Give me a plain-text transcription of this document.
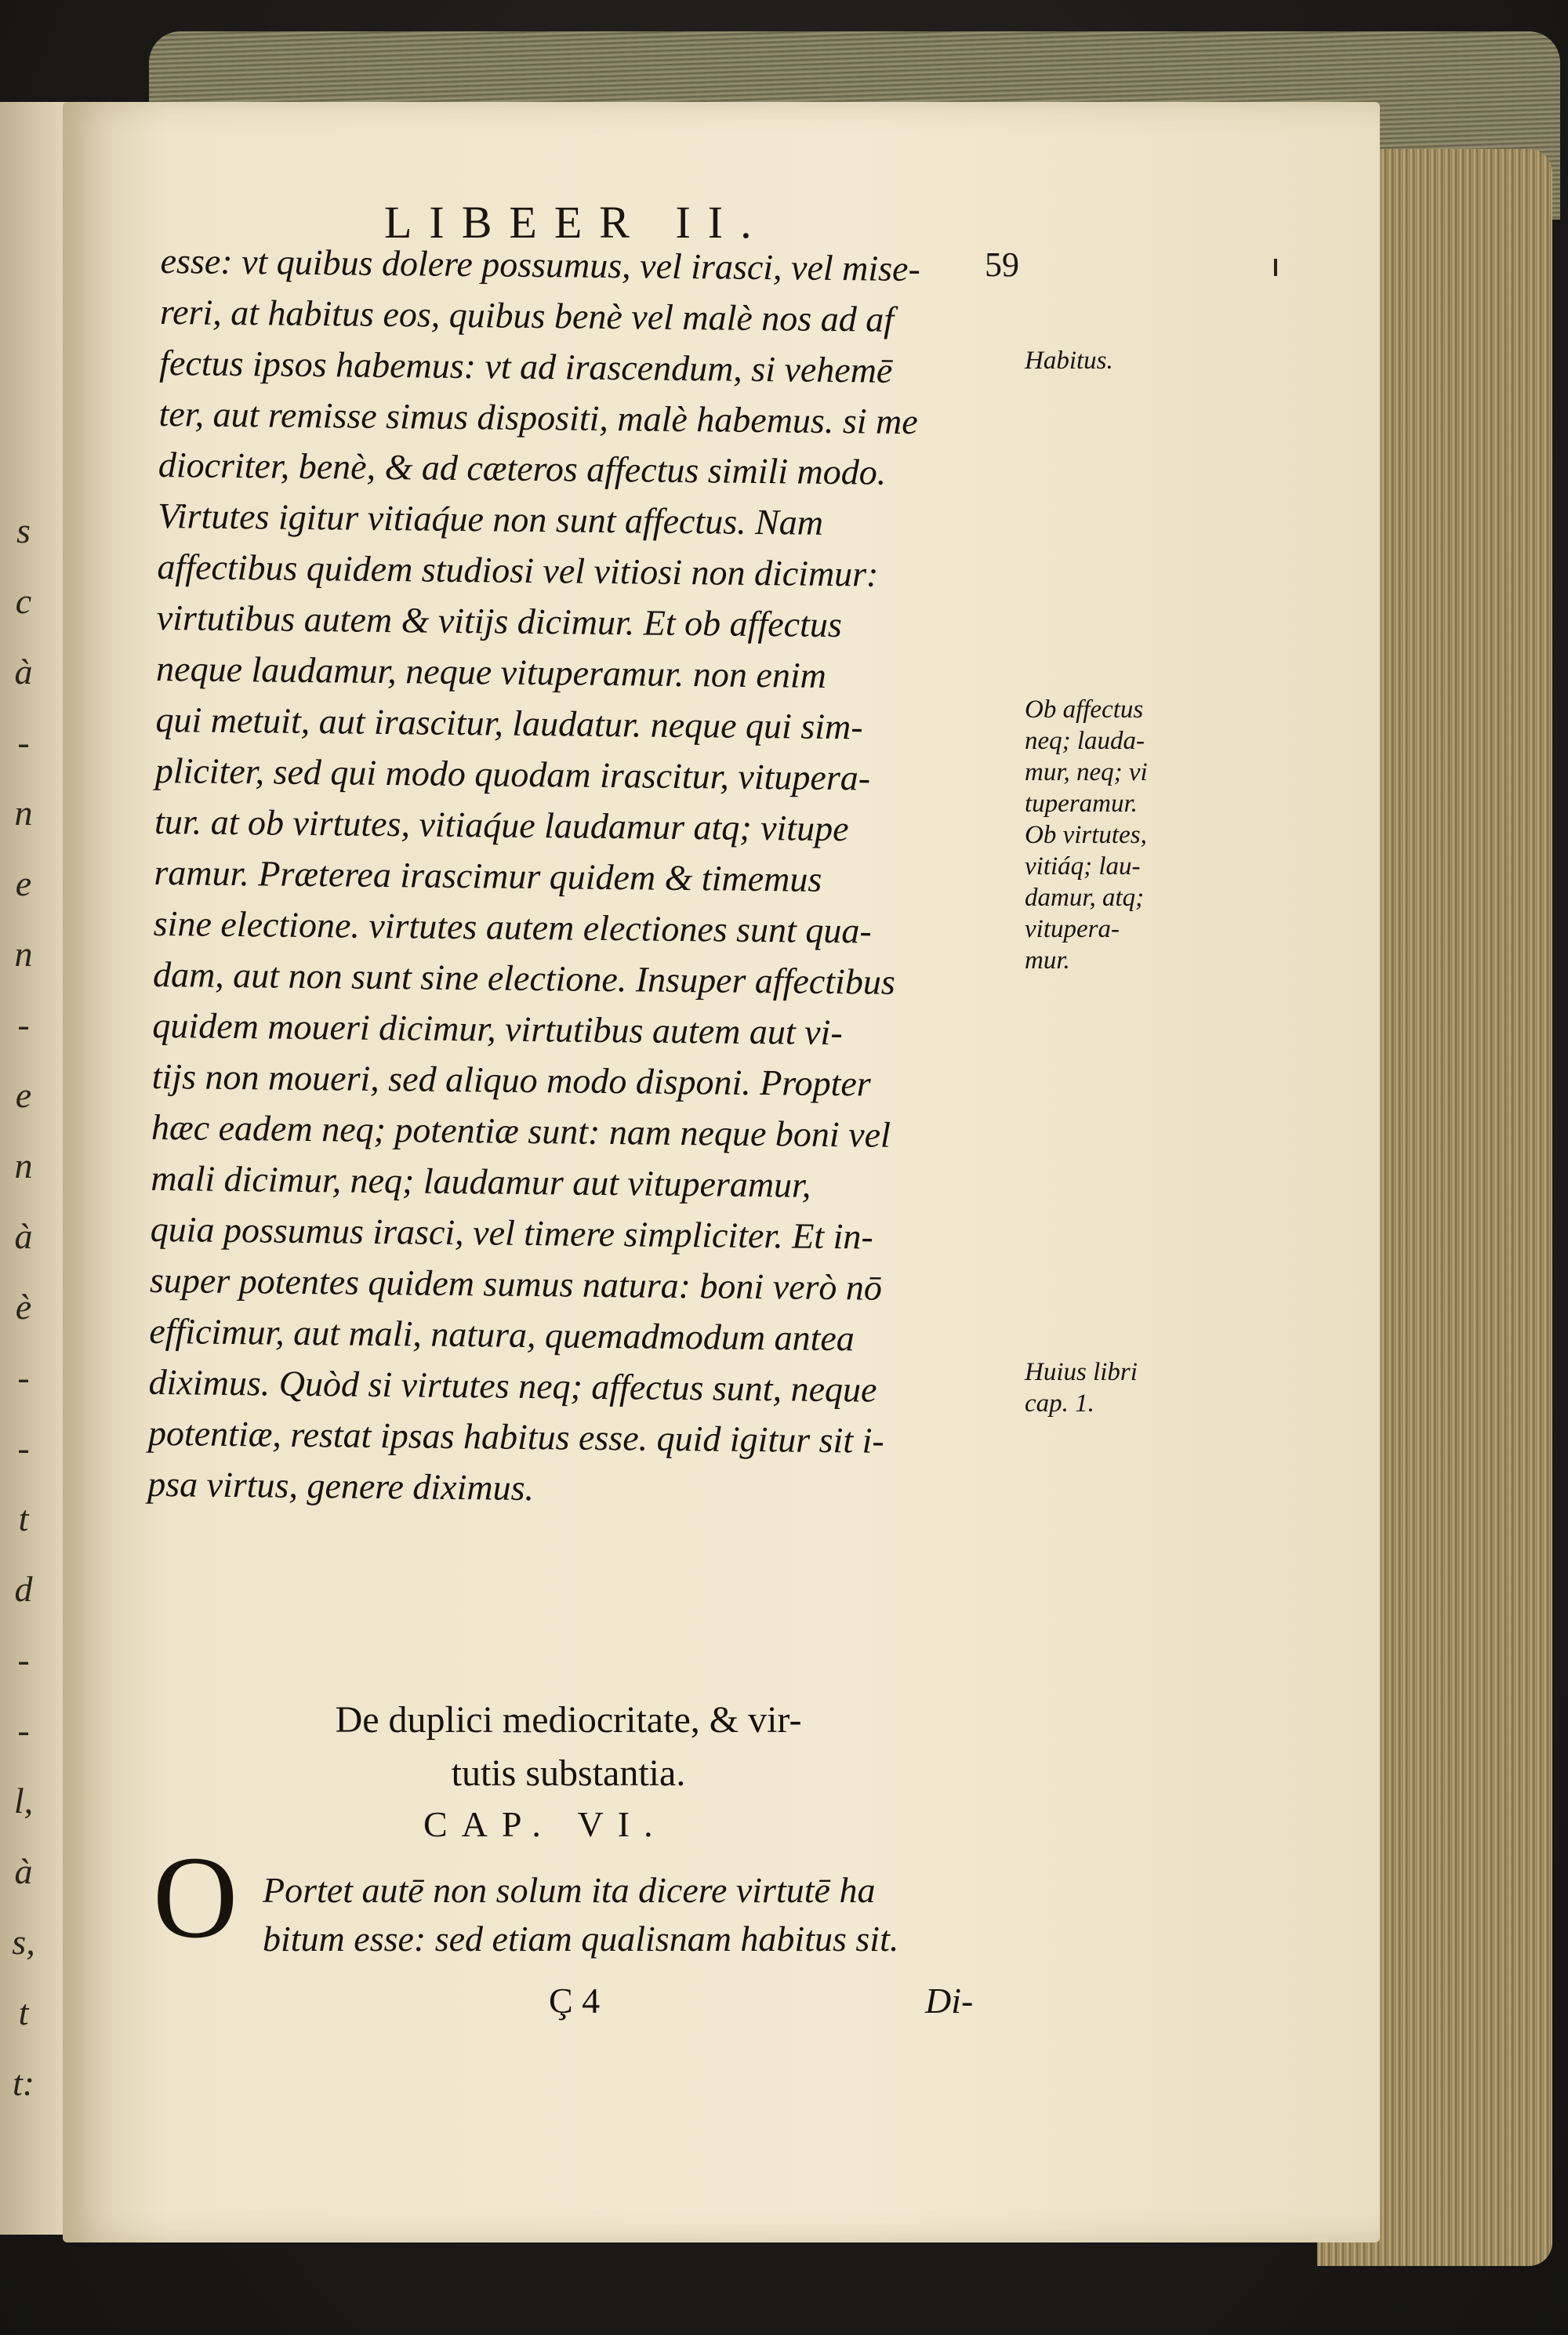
s
c
à
-
n
e
n
-
e
n
à
è
-
-
t
d
-
-
l,
à
s,
t
t:
LIBEER II.
59

esse: vt quibus dolere possumus, vel irasci, vel mise-

reri, at habitus eos, quibus benè vel malè nos ad af

fectus ipsos habemus: vt ad irascendum, si vehemē

ter, aut remisse simus dispositi, malè habemus. si me

diocriter, benè, & ad cæteros affectus simili modo.

Virtutes igitur vitiaq́ue non sunt affectus. Nam

affectibus quidem studiosi vel vitiosi non dicimur:

virtutibus autem & vitijs dicimur. Et ob affectus

neque laudamur, neque vituperamur. non enim

qui metuit, aut irascitur, laudatur. neque qui sim-

pliciter, sed qui modo quodam irascitur, vitupera-

tur. at ob virtutes, vitiaq́ue laudamur atq; vitupe

ramur. Præterea irascimur quidem & timemus

sine electione. virtutes autem electiones sunt qua-

dam, aut non sunt sine electione. Insuper affectibus

quidem moueri dicimur, virtutibus autem aut vi-

tijs non moueri, sed aliquo modo disponi. Propter

hæc eadem neq; potentiæ sunt: nam neque boni vel

mali dicimur, neq; laudamur aut vituperamur,

quia possumus irasci, vel timere simpliciter. Et in-

super potentes quidem sumus natura: boni verò nō

efficimur, aut mali, natura, quemadmodum antea

diximus. Quòd si virtutes neq; affectus sunt, neque

potentiæ, restat ipsas habitus esse. quid igitur sit i-

psa virtus, genere diximus.

Habitus.

Ob affectus

neq; lauda-

mur, neq; vi

tuperamur.

Ob virtutes,

vitiáq; lau-

damur, atq;

vitupera-

mur.

Huius libri

cap. 1.

De duplici mediocritate, & vir-

tutis substantia.

CAP. VI.
O Portet autē non solum ita dicere virtutē ha

bitum esse: sed etiam qualisnam habitus sit.

Ç 4	Di-
